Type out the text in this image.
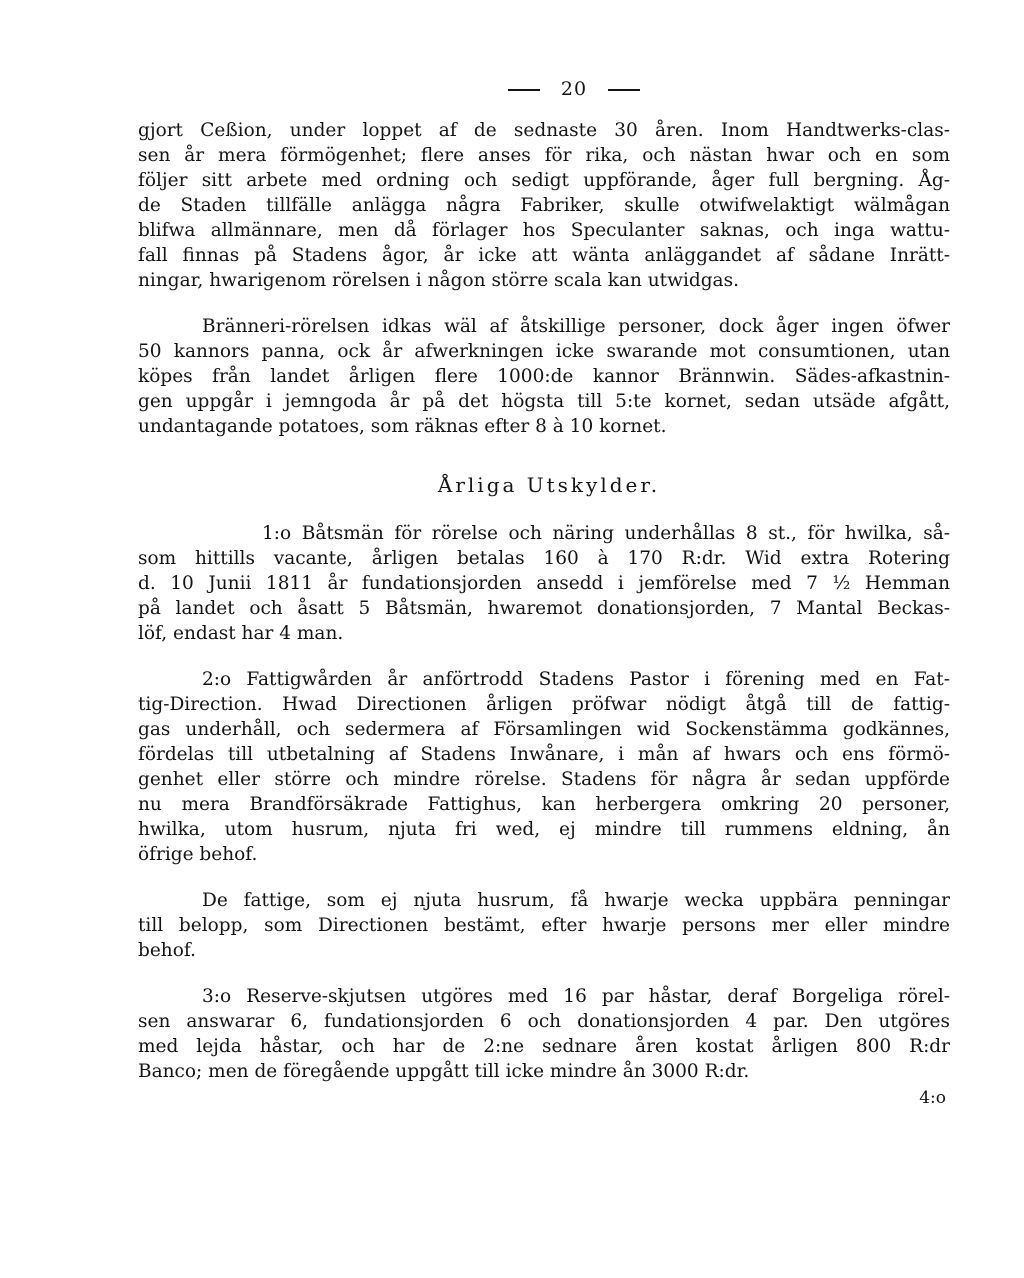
20
gjort Ceßion, under loppet af de sednaste 30 åren. Inom Handtwerks-clas-
sen år mera förmögenhet; flere anses för rika, och nästan hwar och en som
följer sitt arbete med ordning och sedigt uppförande, åger full bergning. Åg-
de Staden tillfälle anlägga några Fabriker, skulle otwifwelaktigt wälmågan
blifwa allmännare, men då förlager hos Speculanter saknas, och inga wattu-
fall finnas på Stadens ågor, år icke att wänta anläggandet af sådane Inrätt-
ningar, hwarigenom rörelsen i någon större scala kan utwidgas.
Bränneri-rörelsen idkas wäl af åtskillige personer, dock åger ingen öfwer
50 kannors panna, ock år afwerkningen icke swarande mot consumtionen, utan
köpes från landet årligen flere 1000:de kannor Brännwin. Sädes-afkastnin-
gen uppgår i jemngoda år på det högsta till 5:te kornet, sedan utsäde afgått,
undantagande potatoes, som räknas efter 8 à 10 kornet.
Årliga Utskylder.
1:o Båtsmän för rörelse och näring underhållas 8 st., för hwilka, så-
som hittills vacante, årligen betalas 160 à 170 R:dr. Wid extra Rotering
d. 10 Junii 1811 år fundationsjorden ansedd i jemförelse med 7 ½ Hemman
på landet och åsatt 5 Båtsmän, hwaremot donationsjorden, 7 Mantal Beckas-
löf, endast har 4 man.
2:o Fattigwården år anförtrodd Stadens Pastor i förening med en Fat-
tig-Direction. Hwad Directionen årligen pröfwar nödigt åtgå till de fattig-
gas underhåll, och sedermera af Församlingen wid Sockenstämma godkännes,
fördelas till utbetalning af Stadens Inwånare, i mån af hwars och ens förmö-
genhet eller större och mindre rörelse. Stadens för några år sedan uppförde
nu mera Brandförsäkrade Fattighus, kan herbergera omkring 20 personer,
hwilka, utom husrum, njuta fri wed, ej mindre till rummens eldning, ån
öfrige behof.
De fattige, som ej njuta husrum, få hwarje wecka uppbära penningar
till belopp, som Directionen bestämt, efter hwarje persons mer eller mindre
behof.
3:o Reserve-skjutsen utgöres med 16 par håstar, deraf Borgeliga rörel-
sen answarar 6, fundationsjorden 6 och donationsjorden 4 par. Den utgöres
med lejda håstar, och har de 2:ne sednare åren kostat årligen 800 R:dr
Banco; men de föregående uppgått till icke mindre ån 3000 R:dr.
4:o
